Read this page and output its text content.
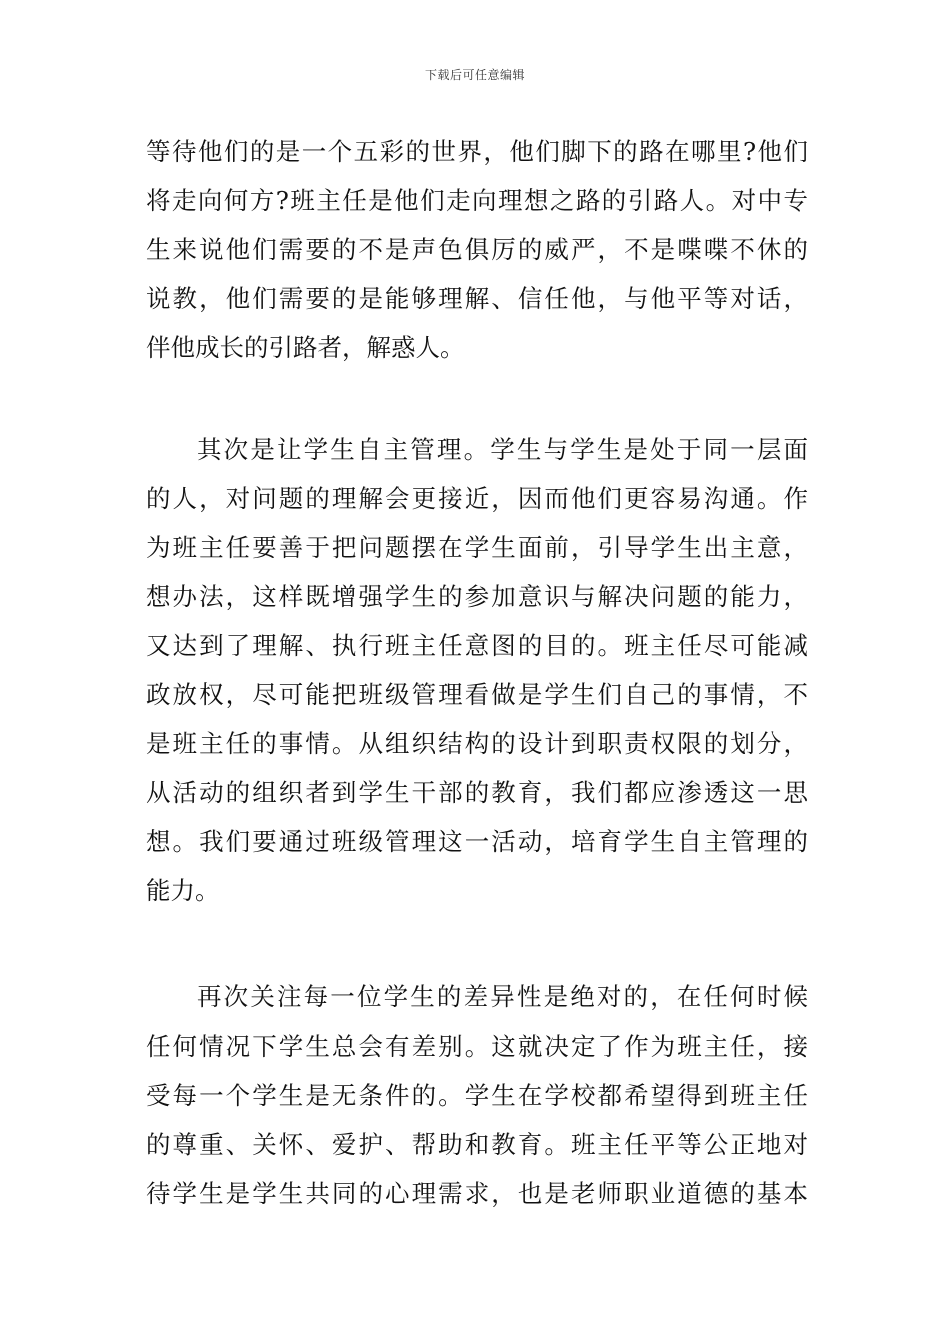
下载后可任意编辑
等待他们的是一个五彩的世界，他们脚下的路在哪里?他们
将走向何方?班主任是他们走向理想之路的引路人。对中专
生来说他们需要的不是声色俱厉的威严，不是喋喋不休的
说教，他们需要的是能够理解、信任他，与他平等对话，
伴他成长的引路者，解惑人。
其次是让学生自主管理。学生与学生是处于同一层面
的人，对问题的理解会更接近，因而他们更容易沟通。作
为班主任要善于把问题摆在学生面前，引导学生出主意，
想办法，这样既增强学生的参加意识与解决问题的能力，
又达到了理解、执行班主任意图的目的。班主任尽可能减
政放权，尽可能把班级管理看做是学生们自己的事情，不
是班主任的事情。从组织结构的设计到职责权限的划分，
从活动的组织者到学生干部的教育，我们都应渗透这一思
想。我们要通过班级管理这一活动，培育学生自主管理的
能力。
再次关注每一位学生的差异性是绝对的，在任何时候
任何情况下学生总会有差别。这就决定了作为班主任，接
受每一个学生是无条件的。学生在学校都希望得到班主任
的尊重、关怀、爱护、帮助和教育。班主任平等公正地对
待学生是学生共同的心理需求，也是老师职业道德的基本
